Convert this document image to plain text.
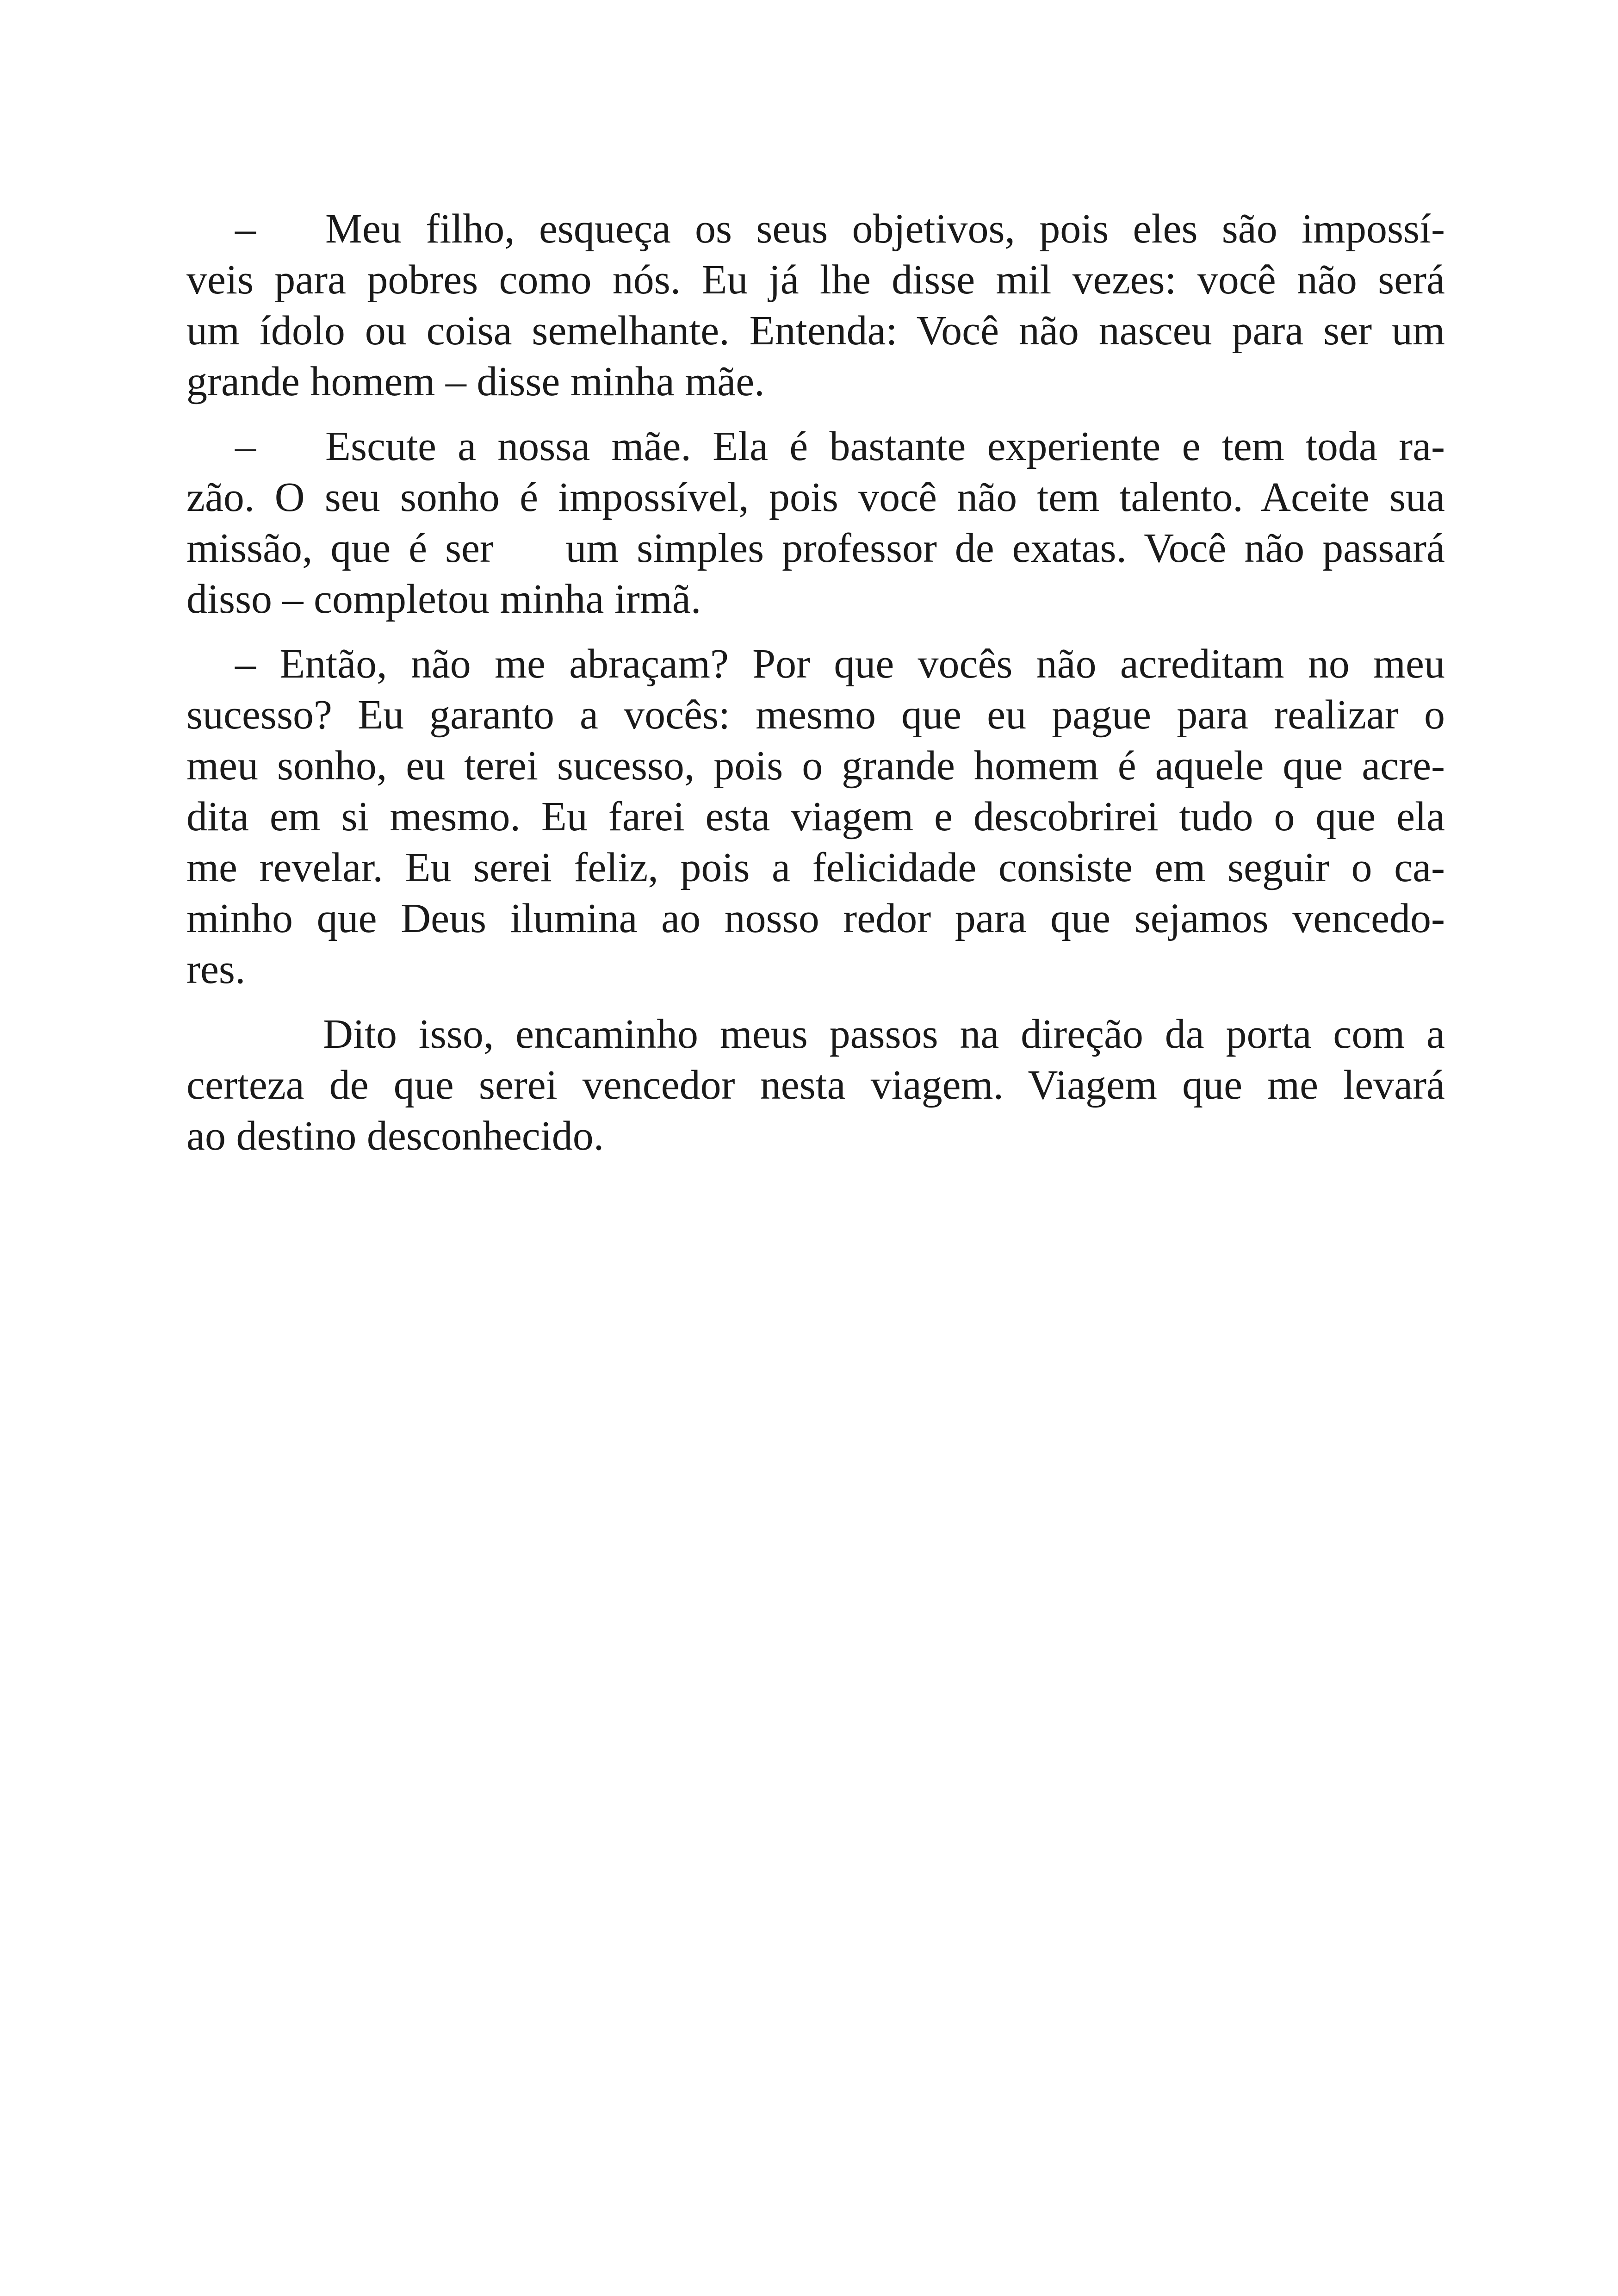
– Meu filho, esqueça os seus objetivos, pois eles são impossí-
veis para pobres como nós. Eu já lhe disse mil vezes: você não será
um ídolo ou coisa semelhante. Entenda: Você não nasceu para ser um
grande homem – disse minha mãe.
– Escute a nossa mãe. Ela é bastante experiente e tem toda ra-
zão. O seu sonho é impossível, pois você não tem talento. Aceite sua
missão, que é ser    um simples professor de exatas. Você não passará
disso – completou minha irmã.
– Então, não me abraçam? Por que vocês não acreditam no meu
sucesso? Eu garanto a vocês: mesmo que eu pague para realizar o
meu sonho, eu terei sucesso, pois o grande homem é aquele que acre-
dita em si mesmo. Eu farei esta viagem e descobrirei tudo o que ela
me revelar. Eu serei feliz, pois a felicidade consiste em seguir o ca-
minho que Deus ilumina ao nosso redor para que sejamos vencedo-
res.
Dito isso, encaminho meus passos na direção da porta com a
certeza de que serei vencedor nesta viagem. Viagem que me levará
ao destino desconhecido.
